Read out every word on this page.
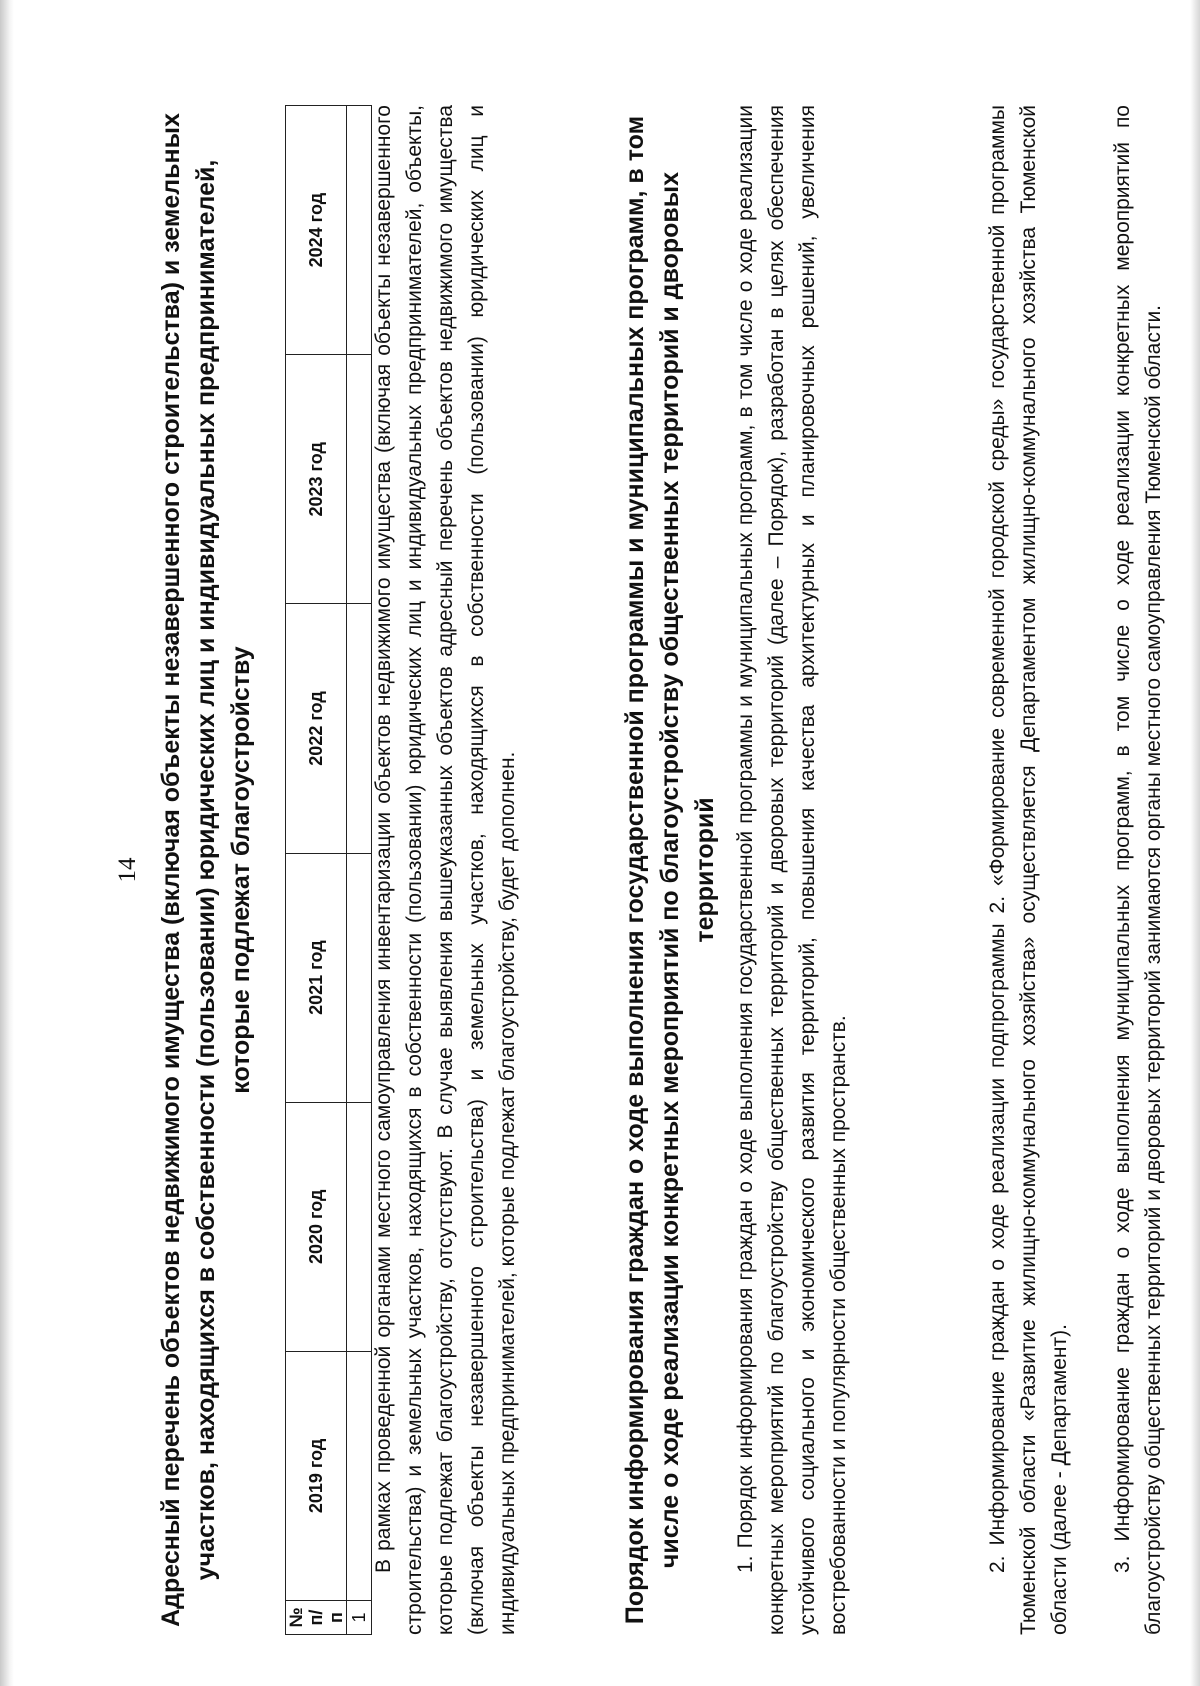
14 Адресный перечень объектов недвижимого имущества (включая объекты незавершенного строительства) и земельных участков, находящихся в собственности (пользовании) юридических лиц и индивидуальных предпринимателей, которые подлежат благоустройству
№ п/п	2019 год	2020 год	2021 год	2022 год	2023 год	2024 год
1						

В рамках проведенной органами местного самоуправления инвентаризации объектов недвижимого имущества (включая объекты незавершенного строительства) и земельных участков, находящихся в собственности (пользовании) юридических лиц и индивидуальных предпринимателей, объекты, которые подлежат благоустройству, отсутствуют. В случае выявления вышеуказанных объектов адресный перечень объектов недвижимого имущества (включая объекты незавершенного строительства) и земельных участков, находящихся в собственности (пользовании) юридических лиц и индивидуальных предпринимателей, которые подлежат благоустройству, будет дополнен.	Порядок информирования граждан о ходе выполнения государственной программы и муниципальных программ, в том числе о ходе реализации конкретных мероприятий по благоустройству общественных территорий и дворовых территорий 1. Порядок информирования граждан о ходе выполнения государственной программы и муниципальных программ, в том числе о ходе реализации конкретных мероприятий по благоустройству общественных территорий и дворовых территорий (далее – Порядок), разработан в целях обеспечения устойчивого социального и экономического развития территорий, повышения качества архитектурных и планировочных решений, увеличения востребованности и популярности общественных пространств.	2. Информирование граждан о ходе реализации подпрограммы 2. «Формирование современной городской среды» государственной программы Тюменской области «Развитие жилищно-коммунального хозяйства» осуществляется Департаментом жилищно-коммунального хозяйства Тюменской области (далее - Департамент). 3. Информирование граждан о ходе выполнения муниципальных программ, в том числе о ходе реализации конкретных мероприятий по благоустройству общественных территорий и дворовых территорий занимаются органы местного самоуправления Тюменской области.
